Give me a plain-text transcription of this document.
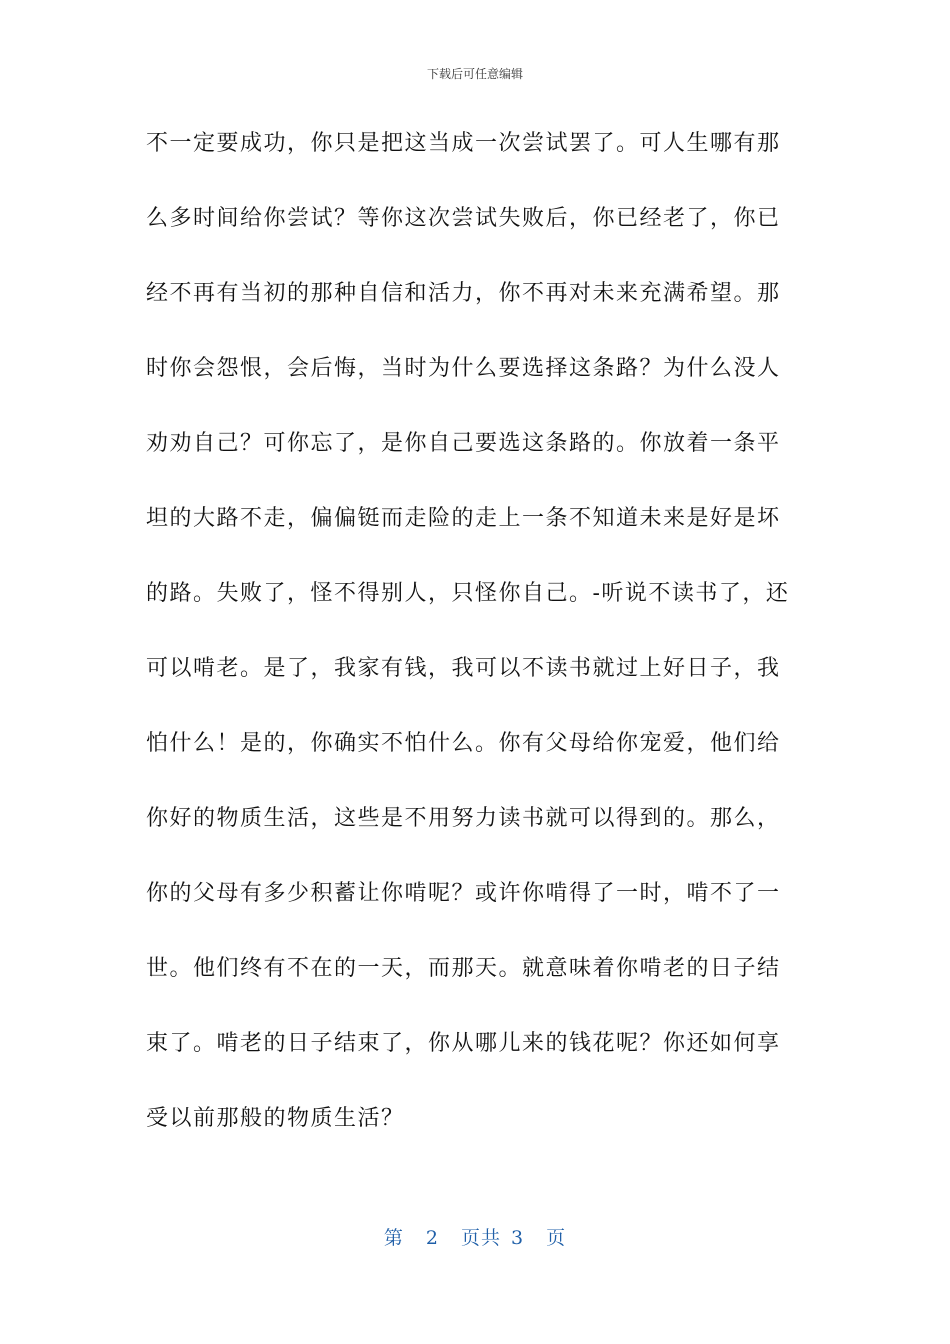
下载后可任意编辑
不一定要成功，你只是把这当成一次尝试罢了。可人生哪有那
么多时间给你尝试？等你这次尝试失败后，你已经老了，你已
经不再有当初的那种自信和活力，你不再对未来充满希望。那
时你会怨恨，会后悔，当时为什么要选择这条路？为什么没人
劝劝自己？可你忘了，是你自己要选这条路的。你放着一条平
坦的大路不走，偏偏铤而走险的走上一条不知道未来是好是坏
的路。失败了，怪不得别人，只怪你自己。-听说不读书了，还
可以啃老。是了，我家有钱，我可以不读书就过上好日子，我
怕什么！是的，你确实不怕什么。你有父母给你宠爱，他们给
你好的物质生活，这些是不用努力读书就可以得到的。那么，
你的父母有多少积蓄让你啃呢？或许你啃得了一时，啃不了一
世。他们终有不在的一天，而那天。就意味着你啃老的日子结
束了。啃老的日子结束了，你从哪儿来的钱花呢？你还如何享
受以前那般的物质生活？
第 2 页共 3 页
